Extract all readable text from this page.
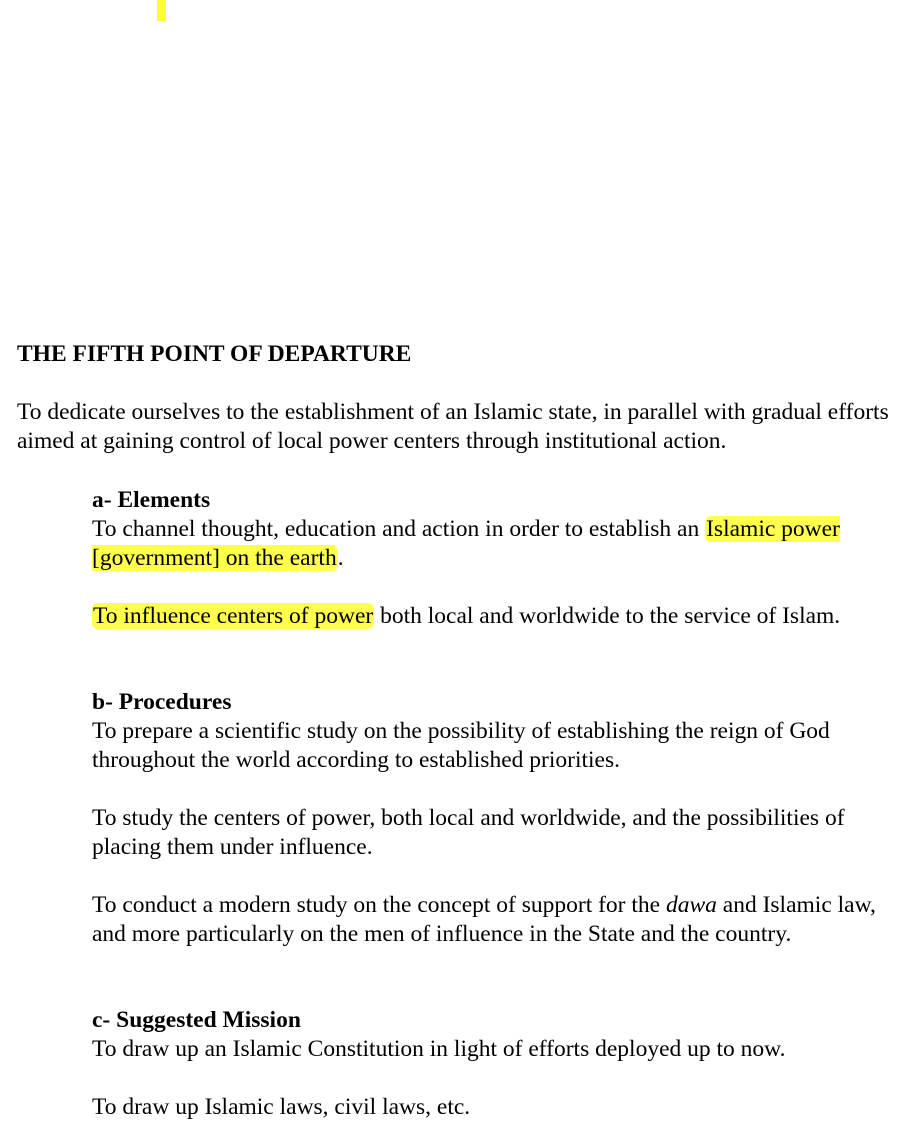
THE FIFTH POINT OF DEPARTURE

To dedicate ourselves to the establishment of an Islamic state, in parallel with gradual efforts aimed at gaining control of local power centers through institutional action.

a- Elements

To channel thought, education and action in order to establish an Islamic power [government] on the earth.

To influence centers of power both local and worldwide to the service of Islam.

b- Procedures

To prepare a scientific study on the possibility of establishing the reign of God throughout the world according to established priorities.

To study the centers of power, both local and worldwide, and the possibilities of placing them under influence.

To conduct a modern study on the concept of support for the dawa and Islamic law, and more particularly on the men of influence in the State and the country.

c- Suggested Mission

To draw up an Islamic Constitution in light of efforts deployed up to now.

To draw up Islamic laws, civil laws, etc.
